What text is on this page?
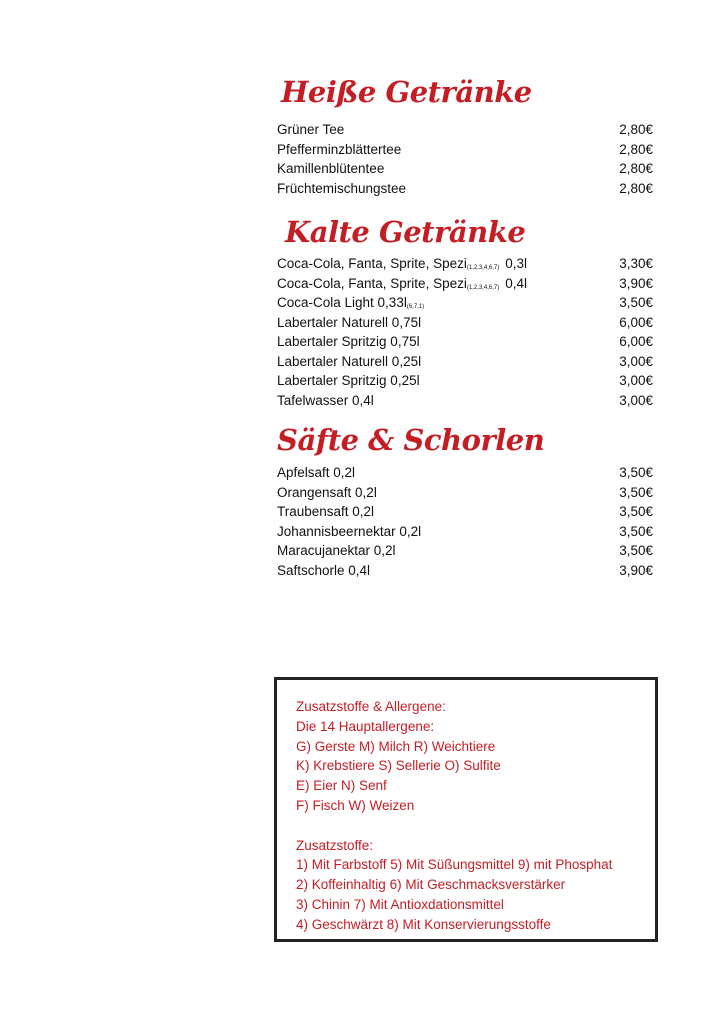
Heiße Getränke
Grüner Tee	2,80€
Pfefferminzblättertee	2,80€
Kamillenblütentee	2,80€
Früchtemischungstee	2,80€
Kalte Getränke
Coca-Cola, Fanta, Sprite, Spezi(1,2,3,4,6,7) 0,3l	3,30€
Coca-Cola, Fanta, Sprite, Spezi(1,2,3,4,6,7) 0,4l	3,90€
Coca-Cola Light 0,33l(6,7,1)	3,50€
Labertaler Naturell 0,75l	6,00€
Labertaler Spritzig 0,75l	6,00€
Labertaler Naturell 0,25l	3,00€
Labertaler Spritzig 0,25l	3,00€
Tafelwasser 0,4l	3,00€
Säfte & Schorlen
Apfelsaft 0,2l	3,50€
Orangensaft 0,2l	3,50€
Traubensaft 0,2l	3,50€
Johannisbeernektar 0,2l	3,50€
Maracujanektar 0,2l	3,50€
Saftschorle 0,4l	3,90€
Zusatzstoffe & Allergene:
Die 14 Hauptallergene:
G) Gerste M) Milch R) Weichtiere
K) Krebstiere S) Sellerie O) Sulfite
E) Eier N) Senf
F) Fisch W) Weizen
Zusatzstoffe:
1) Mit Farbstoff 5) Mit Süßungsmittel 9) mit Phosphat
2) Koffeinhaltig 6) Mit Geschmacksverstärker
3) Chinin 7) Mit Antioxdationsmittel
4) Geschwärzt 8) Mit Konservierungsstoffe
